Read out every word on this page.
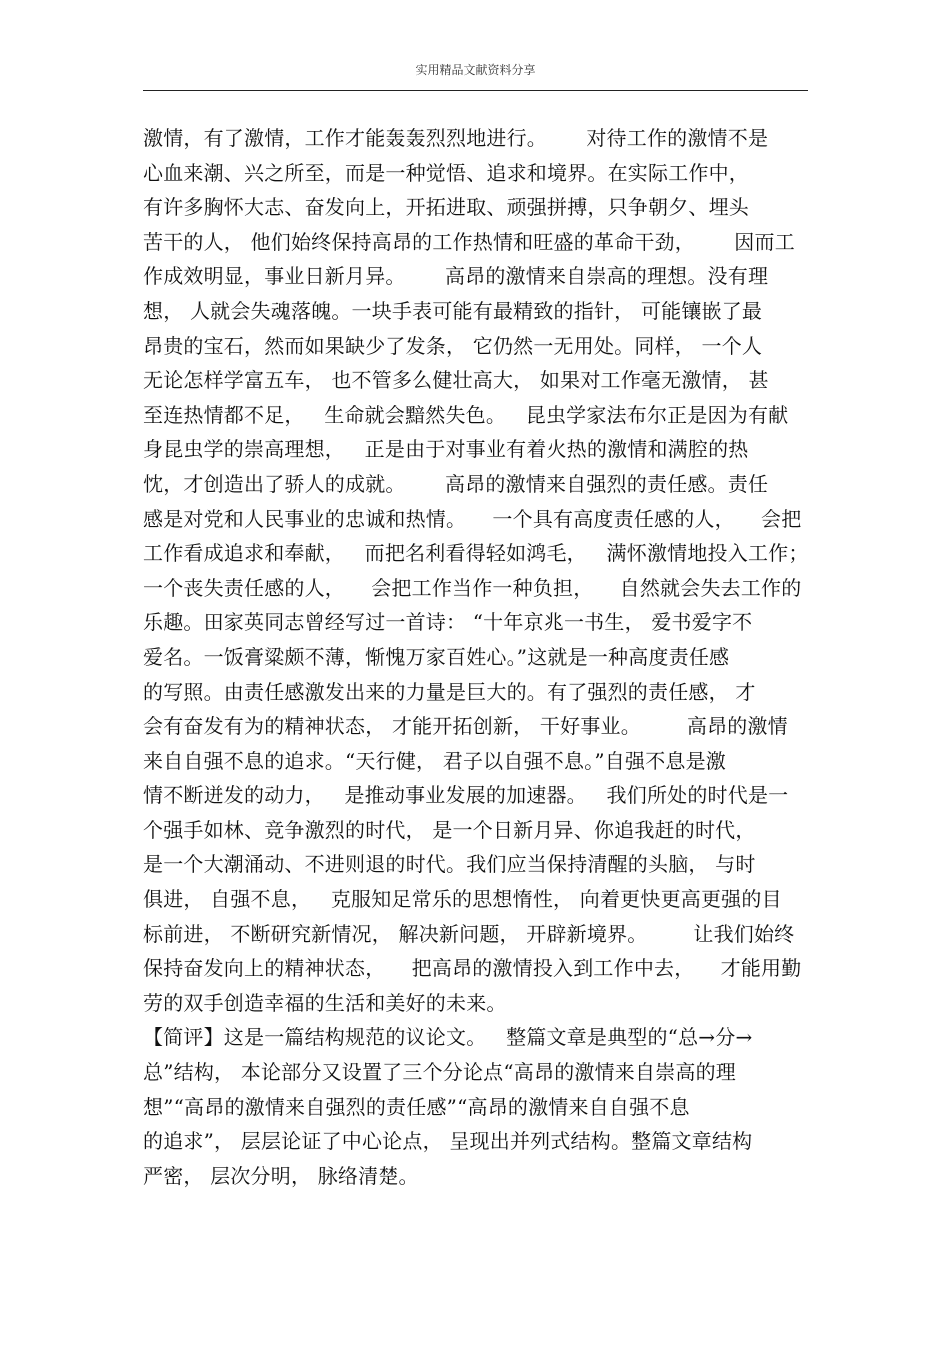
实用精品文献资料分享
激情，有了激情，工作才能轰轰烈烈地进行。      对待工作的激情不是
心血来潮、兴之所至，而是一种觉悟、追求和境界。在实际工作中，
有许多胸怀大志、奋发向上，开拓进取、顽强拼搏，只争朝夕、埋头
苦干的人， 他们始终保持高昂的工作热情和旺盛的革命干劲，      因而工
作成效明显，事业日新月异。      高昂的激情来自崇高的理想。没有理
想， 人就会失魂落魄。一块手表可能有最精致的指针， 可能镶嵌了最
昂贵的宝石，然而如果缺少了发条， 它仍然一无用处。同样， 一个人
无论怎样学富五车， 也不管多么健壮高大， 如果对工作毫无激情， 甚
至连热情都不足，   生命就会黯然失色。   昆虫学家法布尔正是因为有献
身昆虫学的崇高理想，   正是由于对事业有着火热的激情和满腔的热
忱，才创造出了骄人的成就。      高昂的激情来自强烈的责任感。责任
感是对党和人民事业的忠诚和热情。    一个具有高度责任感的人，    会把
工作看成追求和奉献，   而把名利看得轻如鸿毛，   满怀激情地投入工作；
一个丧失责任感的人，    会把工作当作一种负担，    自然就会失去工作的
乐趣。田家英同志曾经写过一首诗： “十年京兆一书生， 爱书爱字不
爱名。一饭膏粱颇不薄，惭愧万家百姓心。”这就是一种高度责任感
的写照。由责任感激发出来的力量是巨大的。有了强烈的责任感， 才
会有奋发有为的精神状态， 才能开拓创新， 干好事业。       高昂的激情
来自自强不息的追求。“天行健， 君子以自强不息。”自强不息是激
情不断迸发的动力，   是推动事业发展的加速器。   我们所处的时代是一
个强手如林、竞争激烈的时代， 是一个日新月异、你追我赶的时代，
是一个大潮涌动、不进则退的时代。我们应当保持清醒的头脑， 与时
俱进， 自强不息，   克服知足常乐的思想惰性， 向着更快更高更强的目
标前进， 不断研究新情况， 解决新问题， 开辟新境界。       让我们始终
保持奋发向上的精神状态，    把高昂的激情投入到工作中去，    才能用勤
劳的双手创造幸福的生活和美好的未来。
【简评】这是一篇结构规范的议论文。   整篇文章是典型的“总→分→
总”结构， 本论部分又设置了三个分论点“高昂的激情来自崇高的理
想”“高昂的激情来自强烈的责任感”“高昂的激情来自自强不息
的追求”， 层层论证了中心论点， 呈现出并列式结构。整篇文章结构
严密， 层次分明， 脉络清楚。
